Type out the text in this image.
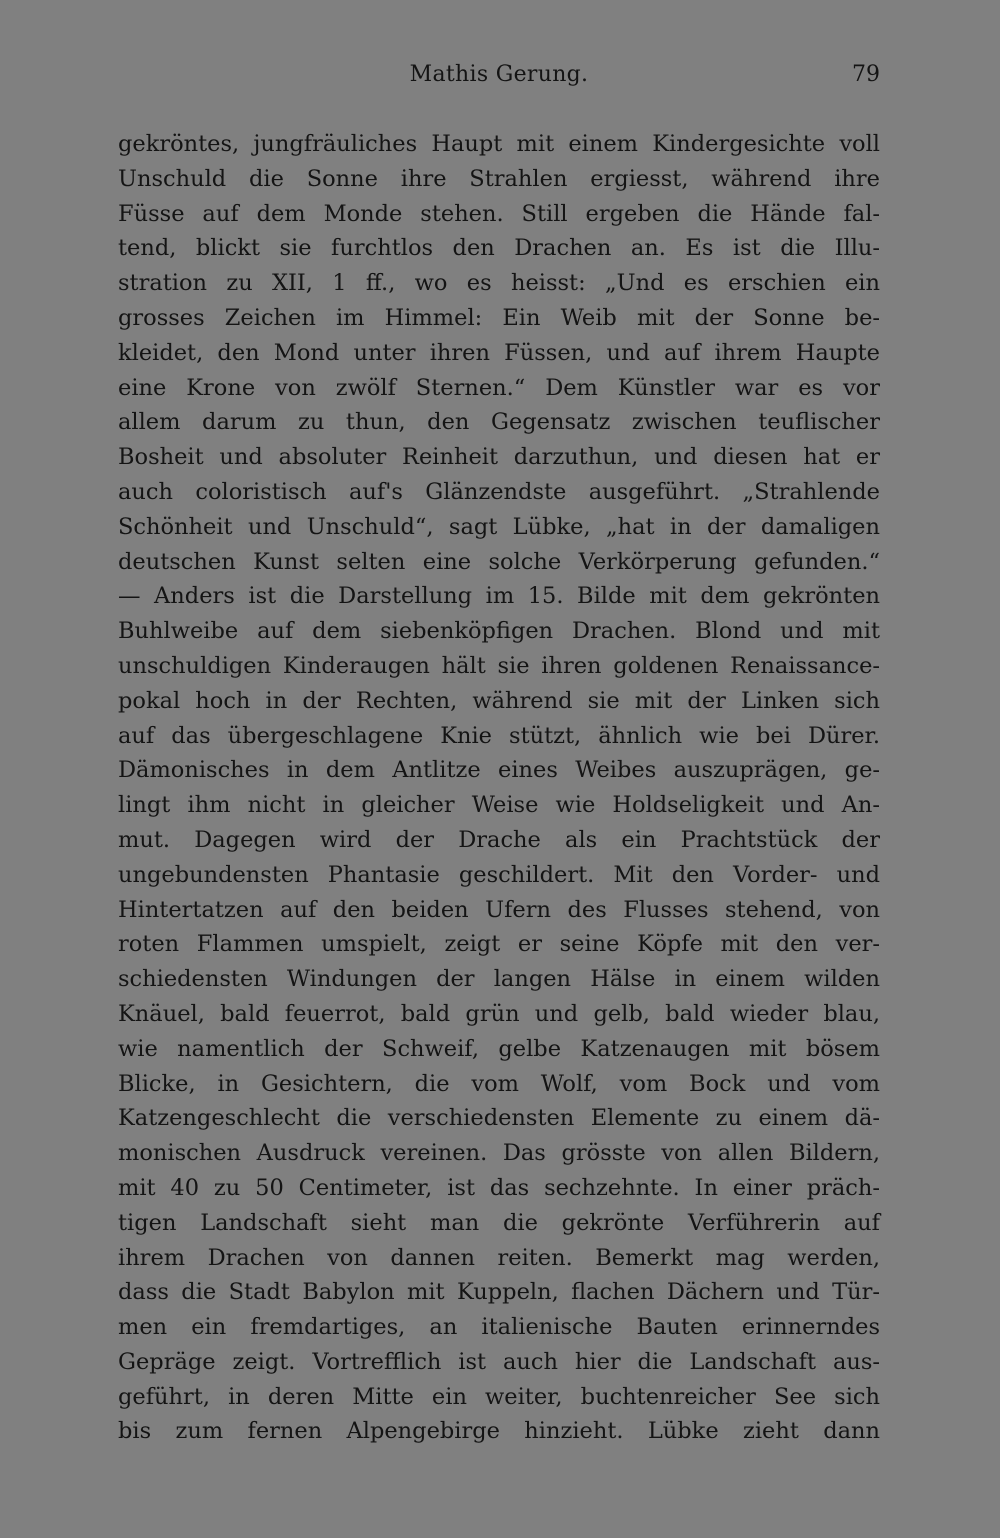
Mathis Gerung.	79
gekröntes, jungfräuliches Haupt mit einem Kindergesichte voll
Unschuld die Sonne ihre Strahlen ergiesst, während ihre
Füsse auf dem Monde stehen. Still ergeben die Hände fal-
tend, blickt sie furchtlos den Drachen an. Es ist die Illu-
stration zu XII, 1 ff., wo es heisst: „Und es erschien ein
grosses Zeichen im Himmel: Ein Weib mit der Sonne be-
kleidet, den Mond unter ihren Füssen, und auf ihrem Haupte
eine Krone von zwölf Sternen.“ Dem Künstler war es vor
allem darum zu thun, den Gegensatz zwischen teuflischer
Bosheit und absoluter Reinheit darzuthun, und diesen hat er
auch coloristisch auf's Glänzendste ausgeführt. „Strahlende
Schönheit und Unschuld“, sagt Lübke, „hat in der damaligen
deutschen Kunst selten eine solche Verkörperung gefunden.“
— Anders ist die Darstellung im 15. Bilde mit dem gekrönten
Buhlweibe auf dem siebenköpfigen Drachen. Blond und mit
unschuldigen Kinderaugen hält sie ihren goldenen Renaissance-
pokal hoch in der Rechten, während sie mit der Linken sich
auf das übergeschlagene Knie stützt, ähnlich wie bei Dürer.
Dämonisches in dem Antlitze eines Weibes auszuprägen, ge-
lingt ihm nicht in gleicher Weise wie Holdseligkeit und An-
mut. Dagegen wird der Drache als ein Prachtstück der
ungebundensten Phantasie geschildert. Mit den Vorder- und
Hintertatzen auf den beiden Ufern des Flusses stehend, von
roten Flammen umspielt, zeigt er seine Köpfe mit den ver-
schiedensten Windungen der langen Hälse in einem wilden
Knäuel, bald feuerrot, bald grün und gelb, bald wieder blau,
wie namentlich der Schweif, gelbe Katzenaugen mit bösem
Blicke, in Gesichtern, die vom Wolf, vom Bock und vom
Katzengeschlecht die verschiedensten Elemente zu einem dä-
monischen Ausdruck vereinen. Das grösste von allen Bildern,
mit 40 zu 50 Centimeter, ist das sechzehnte. In einer präch-
tigen Landschaft sieht man die gekrönte Verführerin auf
ihrem Drachen von dannen reiten. Bemerkt mag werden,
dass die Stadt Babylon mit Kuppeln, flachen Dächern und Tür-
men ein fremdartiges, an italienische Bauten erinnerndes
Gepräge zeigt. Vortrefflich ist auch hier die Landschaft aus-
geführt, in deren Mitte ein weiter, buchtenreicher See sich
bis zum fernen Alpengebirge hinzieht. Lübke zieht dann
